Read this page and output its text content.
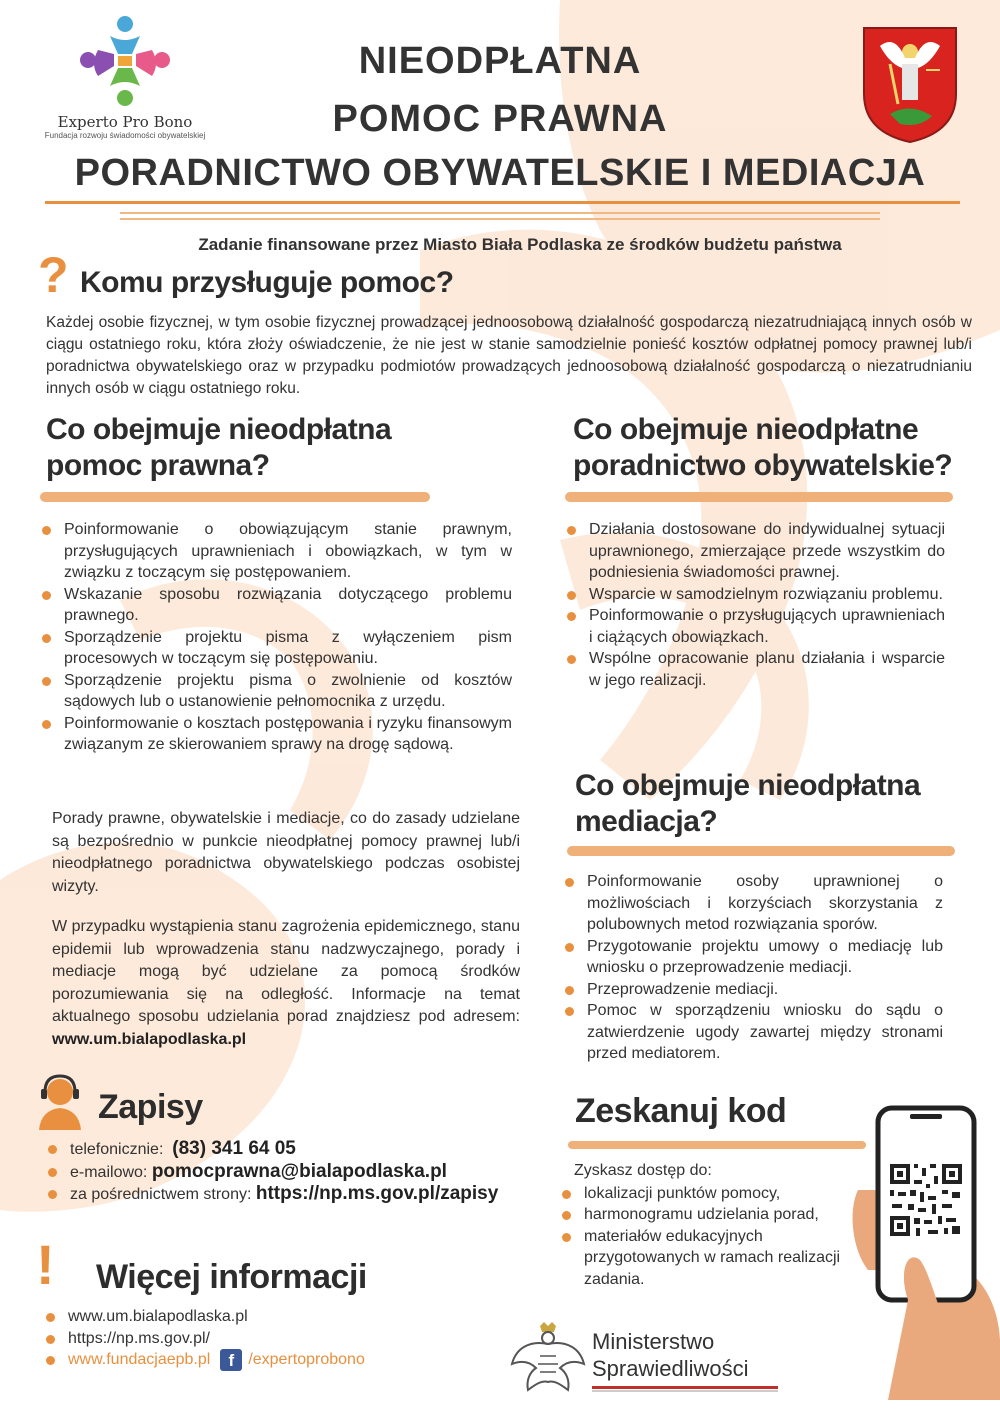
Experto Pro Bono
Fundacja rozwoju świadomości obywatelskiej
NIEODPŁATNA
POMOC PRAWNA
PORADNICTWO OBYWATELSKIE I MEDIACJA
Zadanie finansowane przez Miasto Biała Podlaska ze środków budżetu państwa
? Komu przysługuje pomoc?
Każdej osobie fizycznej, w tym osobie fizycznej prowadzącej jednoosobową działalność gospodarczą niezatrudniającą innych osób w ciągu ostatniego roku, która złoży oświadczenie, że nie jest w stanie samodzielnie ponieść kosztów odpłatnej pomocy prawnej lub/i poradnictwa obywatelskiego oraz w przypadku podmiotów prowadzących jednoosobową działalność gospodarczą o niezatrudnianiu innych osób w ciągu ostatniego roku.
Co obejmuje nieodpłatna pomoc prawna?
Poinformowanie o obowiązującym stanie prawnym, przysługujących uprawnieniach i obowiązkach, w tym w związku z toczącym się postępowaniem.
Wskazanie sposobu rozwiązania dotyczącego problemu prawnego.
Sporządzenie projektu pisma z wyłączeniem pism procesowych w toczącym się postępowaniu.
Sporządzenie projektu pisma o zwolnienie od kosztów sądowych lub o ustanowienie pełnomocnika z urzędu.
Poinformowanie o kosztach postępowania i ryzyku finansowym związanym ze skierowaniem sprawy na drogę sądową.
Porady prawne, obywatelskie i mediacje, co do zasady udzielane są bezpośrednio w punkcie nieodpłatnej pomocy prawnej lub/i nieodpłatnego poradnictwa obywatelskiego podczas osobistej wizyty.
W przypadku wystąpienia stanu zagrożenia epidemicznego, stanu epidemii lub wprowadzenia stanu nadzwyczajnego, porady i mediacje mogą być udzielane za pomocą środków porozumiewania się na odległość. Informacje na temat aktualnego sposobu udzielania porad znajdziesz pod adresem: www.um.bialapodlaska.pl
Co obejmuje nieodpłatne poradnictwo obywatelskie?
Działania dostosowane do indywidualnej sytuacji uprawnionego, zmierzające przede wszystkim do podniesienia świadomości prawnej.
Wsparcie w samodzielnym rozwiązaniu problemu.
Poinformowanie o przysługujących uprawnieniach i ciążących obowiązkach.
Wspólne opracowanie planu działania i wsparcie w jego realizacji.
Co obejmuje nieodpłatna mediacja?
Poinformowanie osoby uprawnionej o możliwościach i korzyściach skorzystania z polubownych metod rozwiązania sporów.
Przygotowanie projektu umowy o mediację lub wniosku o przeprowadzenie mediacji.
Przeprowadzenie mediacji.
Pomoc w sporządzeniu wniosku do sądu o zatwierdzenie ugody zawartej między stronami przed mediatorem.
Zapisy
telefonicznie: (83) 341 64 05
e-mailowo: pomocprawna@bialapodlaska.pl
za pośrednictwem strony: https://np.ms.gov.pl/zapisy
! Więcej informacji
www.um.bialapodlaska.pl
https://np.ms.gov.pl/
www.fundacjaepb.pl f /expertoprobono
Zeskanuj kod
Zyskasz dostęp do:
lokalizacji punktów pomocy,
harmonogramu udzielania porad,
materiałów edukacyjnych przygotowanych w ramach realizacji zadania.
Ministerstwo
Sprawiedliwości
